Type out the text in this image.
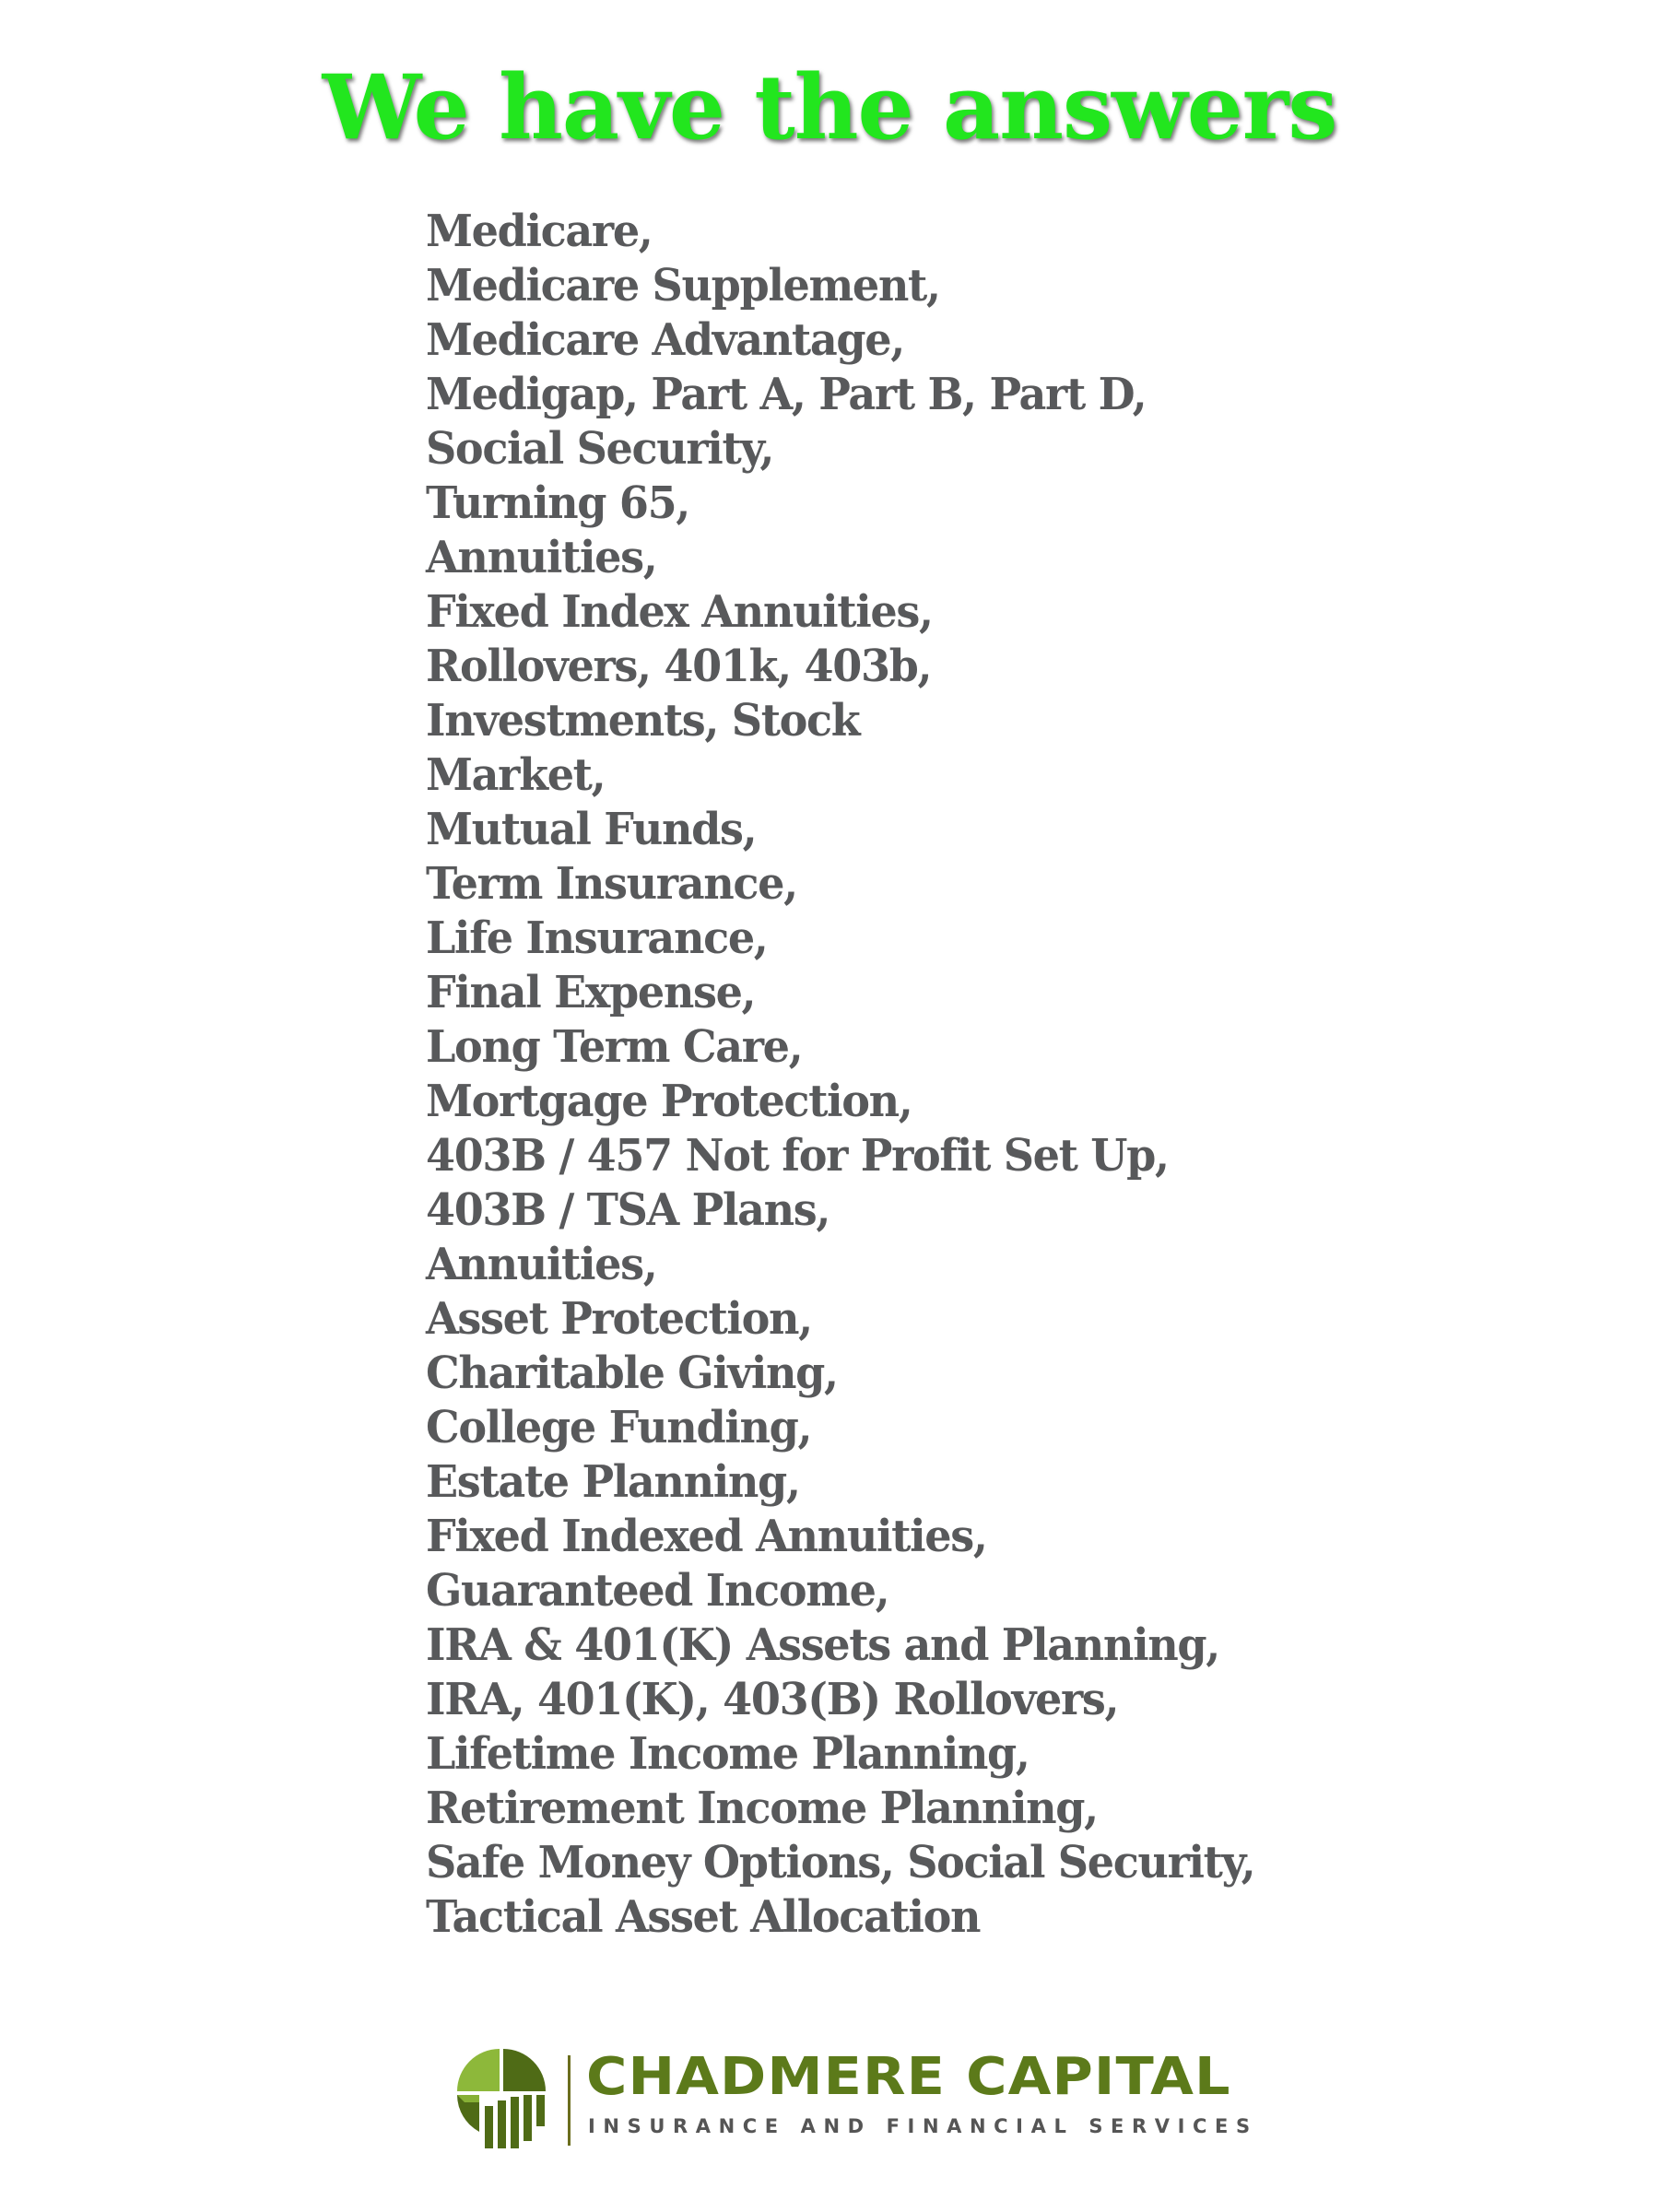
We have the answers
Medicare,
Medicare Supplement,
Medicare Advantage,
Medigap, Part A, Part B, Part D,
Social Security,
Turning 65,
Annuities,
Fixed Index Annuities,
Rollovers, 401k, 403b,
Investments, Stock
Market,
Mutual Funds,
Term Insurance,
Life Insurance,
Final Expense,
Long Term Care,
Mortgage Protection,
403B / 457 Not for Profit Set Up,
403B / TSA Plans,
Annuities,
Asset Protection,
Charitable Giving,
College Funding,
Estate Planning,
Fixed Indexed Annuities,
Guaranteed Income,
IRA & 401(K) Assets and Planning,
IRA, 401(K), 403(B) Rollovers,
Lifetime Income Planning,
Retirement Income Planning,
Safe Money Options, Social Security,
Tactical Asset Allocation
CHADMERE CAPITAL
INSURANCE AND FINANCIAL SERVICES
